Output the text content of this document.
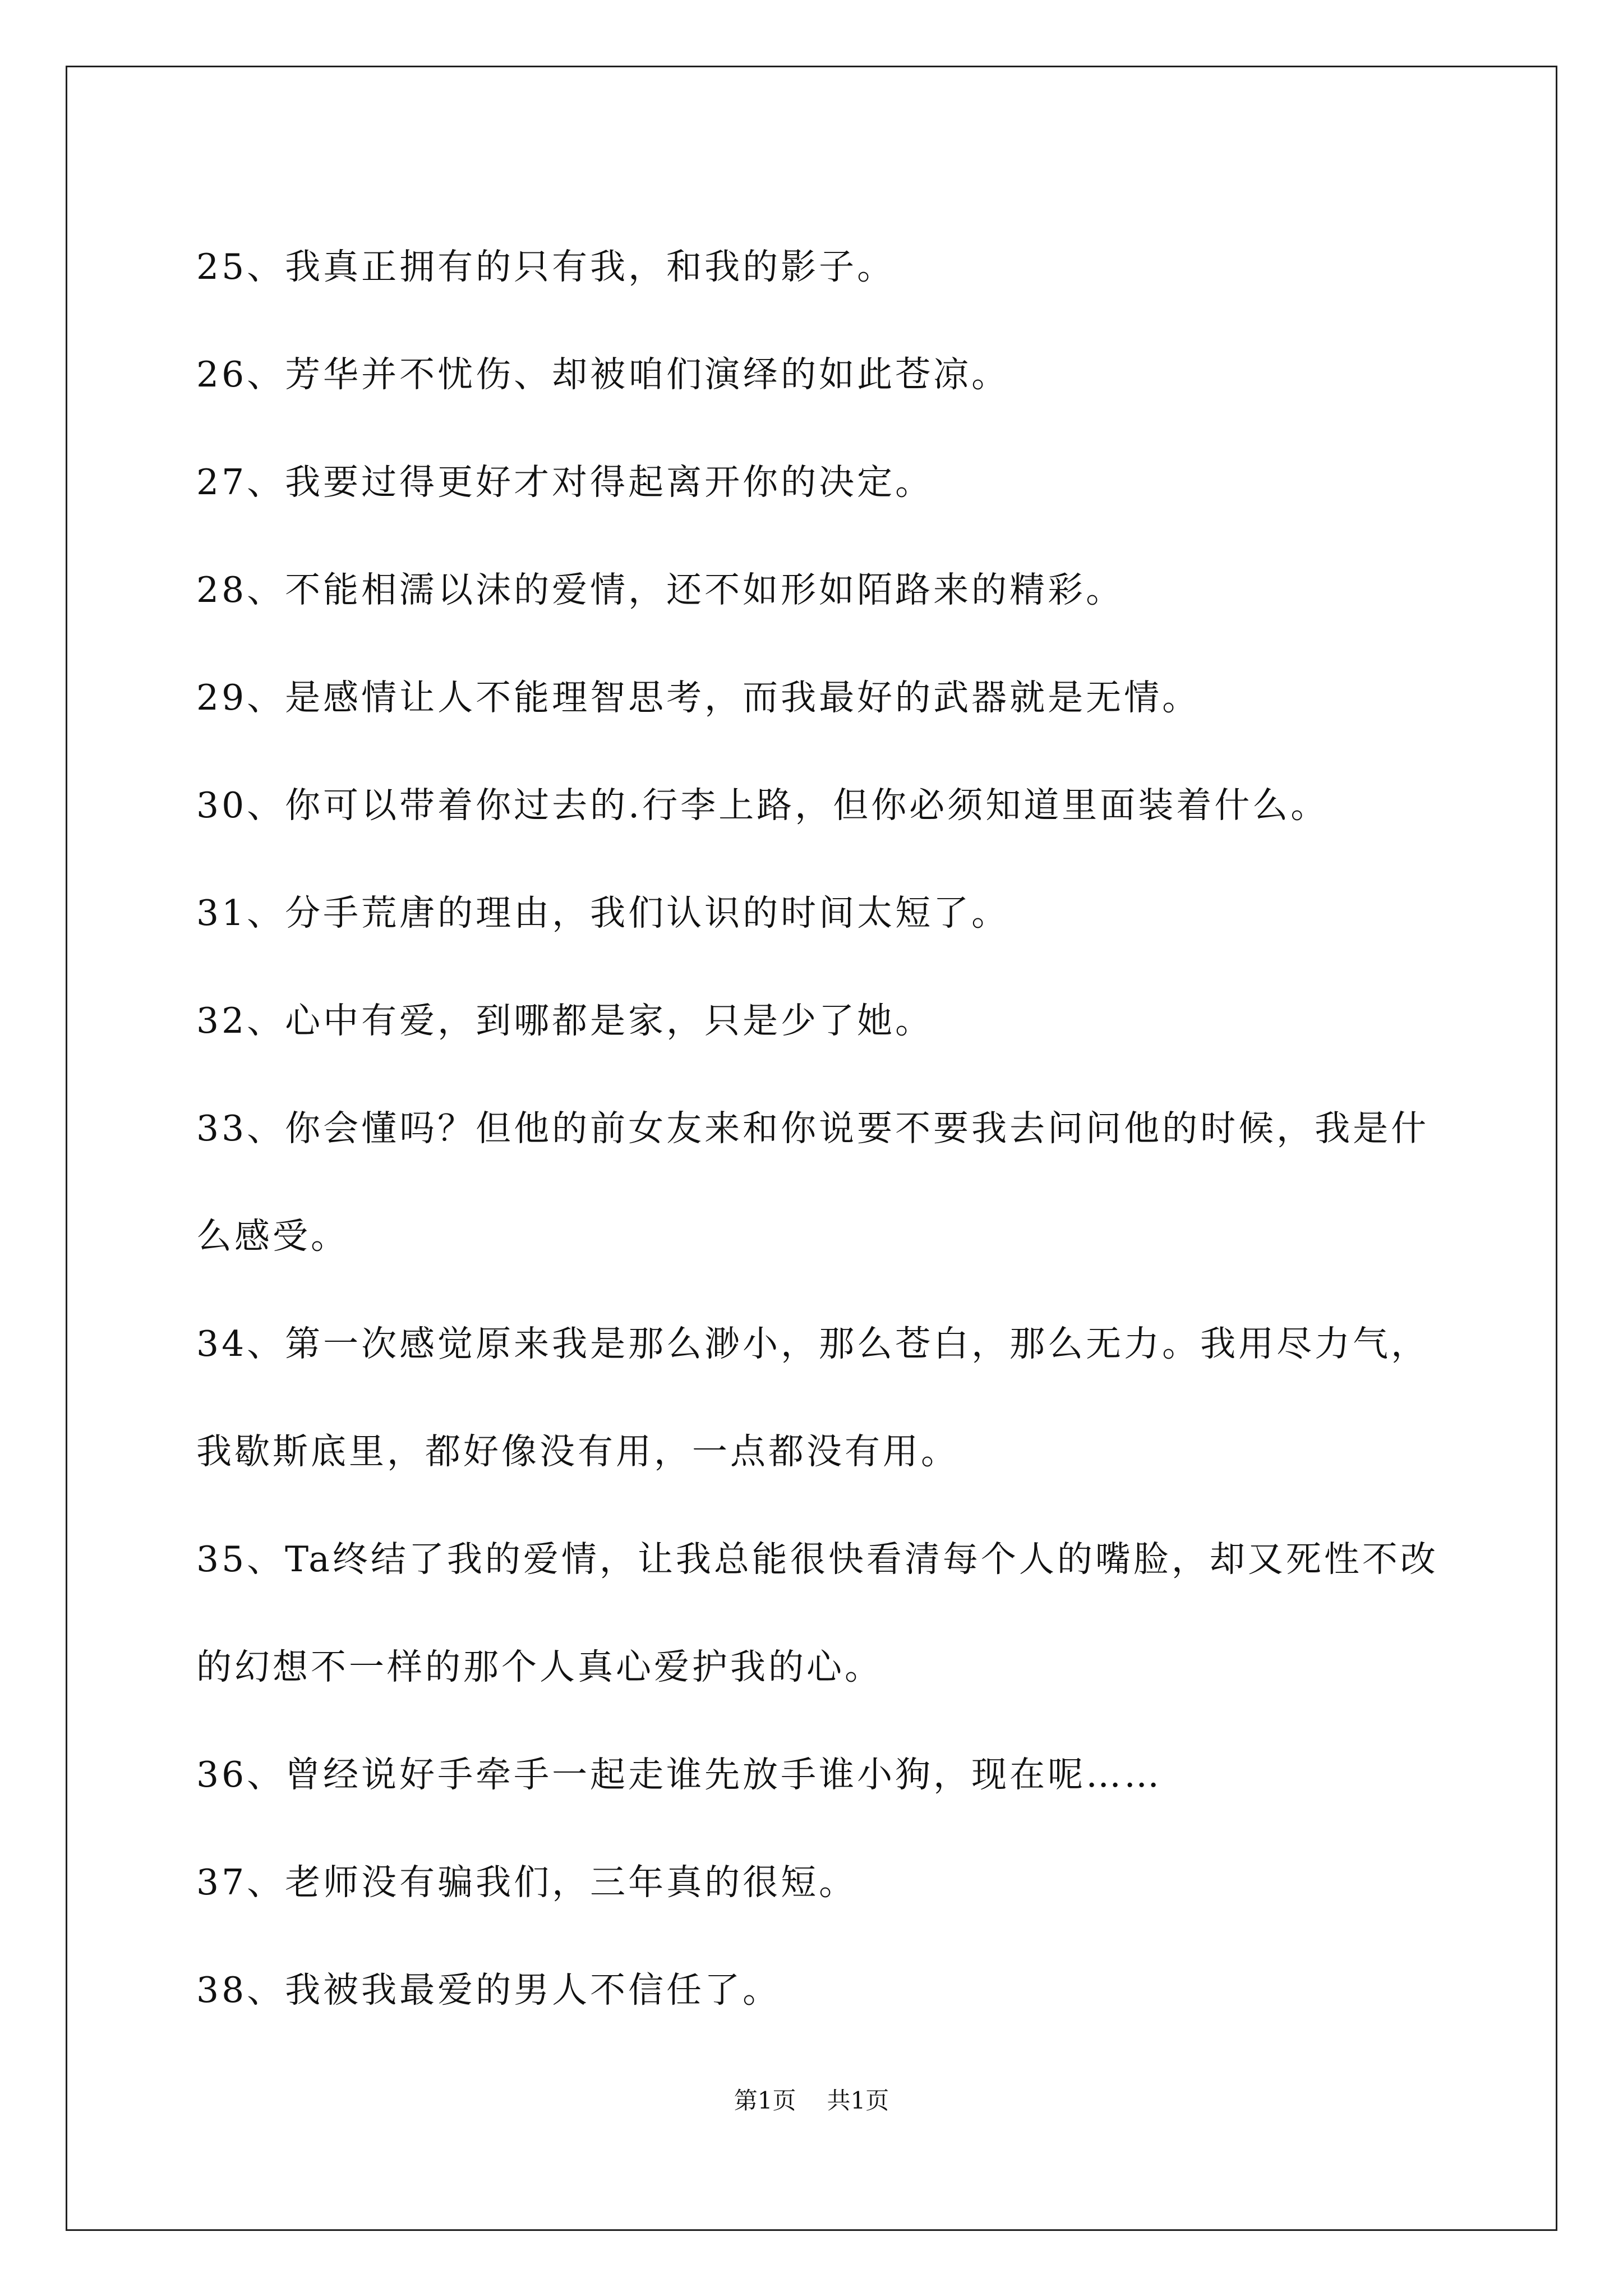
25、我真正拥有的只有我，和我的影子。

26、芳华并不忧伤、却被咱们演绎的如此苍凉。

27、我要过得更好才对得起离开你的决定。

28、不能相濡以沫的爱情，还不如形如陌路来的精彩。

29、是感情让人不能理智思考，而我最好的武器就是无情。

30、你可以带着你过去的.行李上路，但你必须知道里面装着什么。

31、分手荒唐的理由，我们认识的时间太短了。

32、心中有爱，到哪都是家，只是少了她。

33、你会懂吗？但他的前女友来和你说要不要我去问问他的时候，我是什么感受。

34、第一次感觉原来我是那么渺小，那么苍白，那么无力。我用尽力气，我歇斯底里，都好像没有用，一点都没有用。

35、Ta终结了我的爱情，让我总能很快看清每个人的嘴脸，却又死性不改的幻想不一样的那个人真心爱护我的心。

36、曾经说好手牵手一起走谁先放手谁小狗，现在呢……

37、老师没有骗我们，三年真的很短。

38、我被我最爱的男人不信任了。

第1页 共1页
